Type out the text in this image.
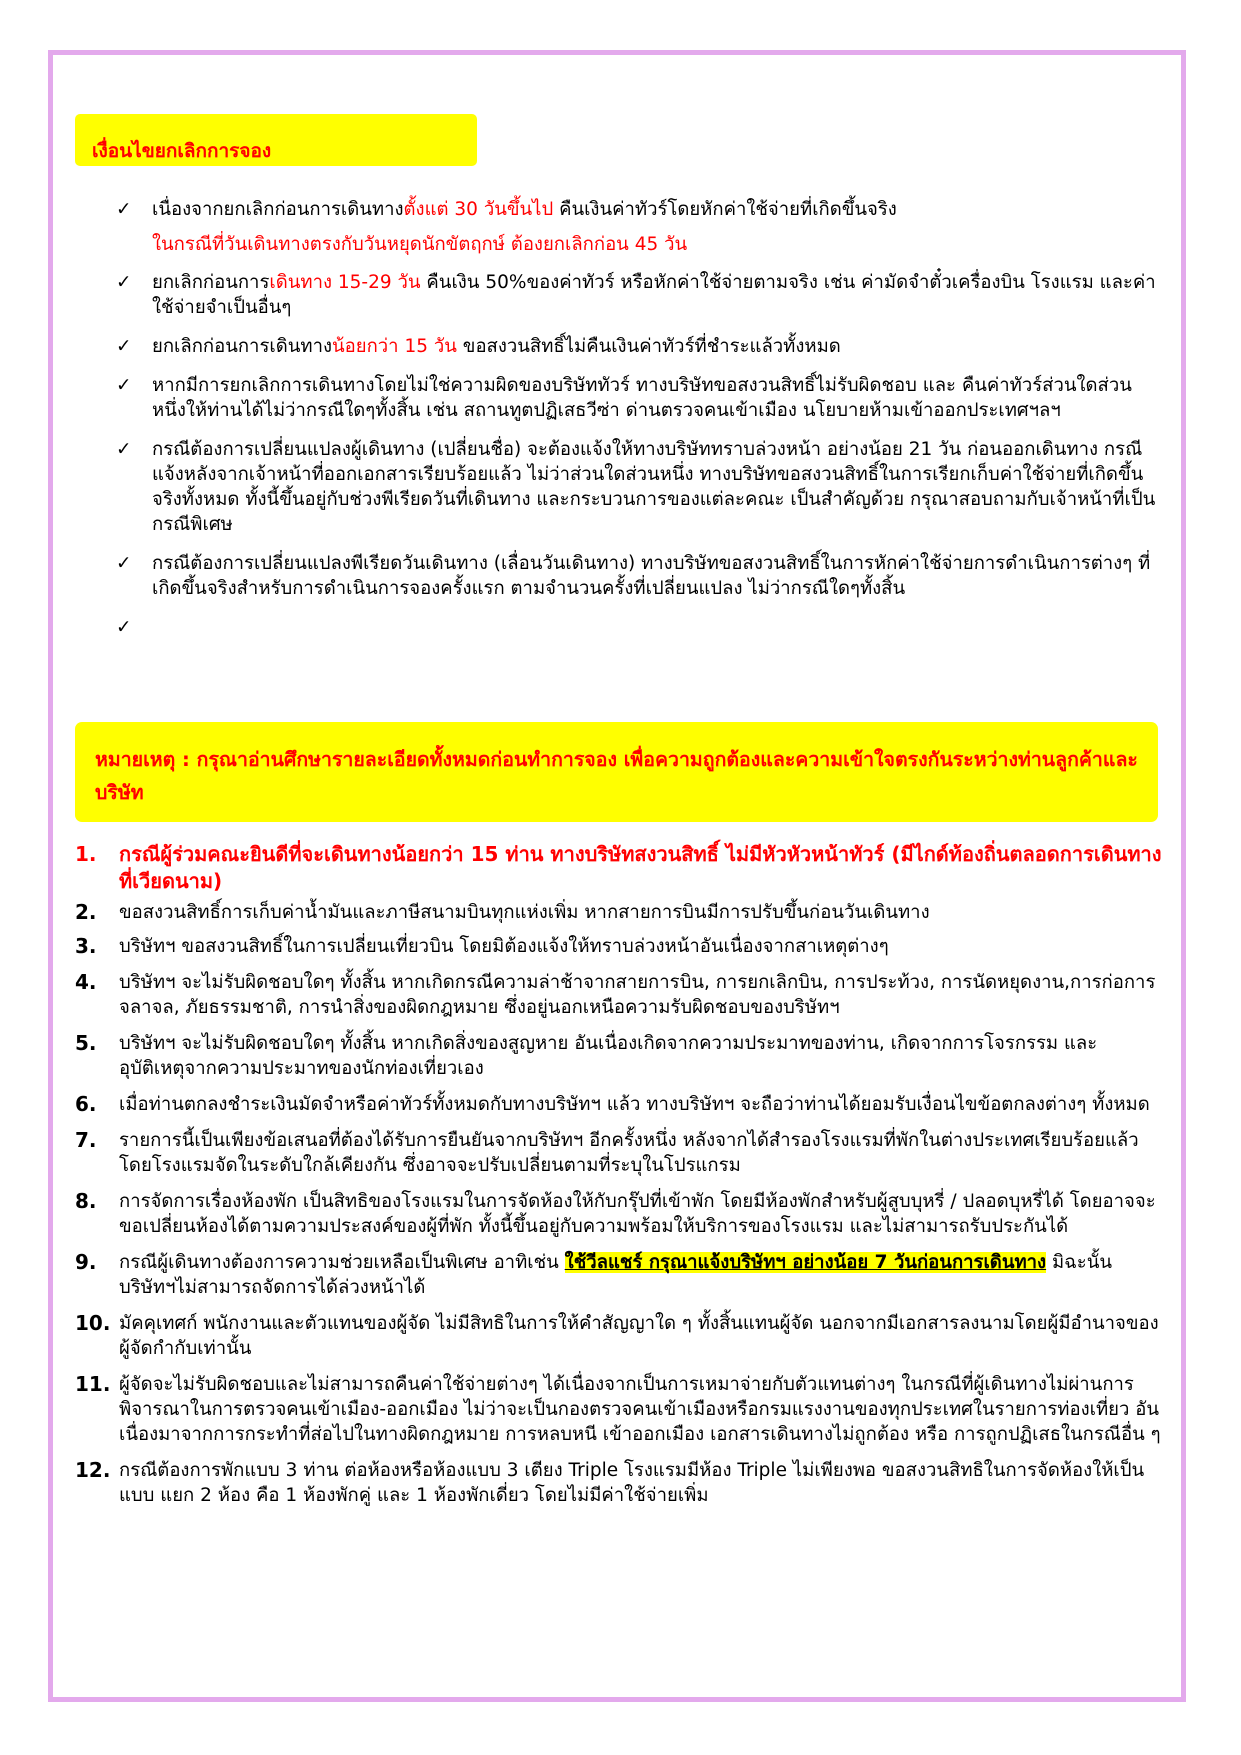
เงื่อนไขยกเลิกการจอง
✓ เนื่องจากยกเลิกก่อนการเดินทางตั้งแต่ 30 วันขึ้นไป คืนเงินค่าทัวร์โดยหักค่าใช้จ่ายที่เกิดขึ้นจริง
ในกรณีที่วันเดินทางตรงกับวันหยุดนักขัตฤกษ์ ต้องยกเลิกก่อน 45 วัน
✓ ยกเลิกก่อนการเดินทาง 15-29 วัน คืนเงิน 50%ของค่าทัวร์ หรือหักค่าใช้จ่ายตามจริง เช่น ค่ามัดจำตั๋วเครื่องบิน โรงแรม และค่าใช้จ่ายจำเป็นอื่นๆ
✓ ยกเลิกก่อนการเดินทางน้อยกว่า 15 วัน ขอสงวนสิทธิ์ไม่คืนเงินค่าทัวร์ที่ชำระแล้วทั้งหมด
✓ หากมีการยกเลิกการเดินทางโดยไม่ใช่ความผิดของบริษัททัวร์ ทางบริษัทขอสงวนสิทธิ์ไม่รับผิดชอบ และ คืนค่าทัวร์ส่วนใดส่วนหนึ่งให้ท่านได้ไม่ว่ากรณีใดๆทั้งสิ้น เช่น สถานทูตปฏิเสธวีซ่า ด่านตรวจคนเข้าเมือง นโยบายห้ามเข้าออกประเทศฯลฯ
✓ กรณีต้องการเปลี่ยนแปลงผู้เดินทาง (เปลี่ยนชื่อ) จะต้องแจ้งให้ทางบริษัททราบล่วงหน้า อย่างน้อย 21 วัน ก่อนออกเดินทาง กรณีแจ้งหลังจากเจ้าหน้าที่ออกเอกสารเรียบร้อยแล้ว ไม่ว่าส่วนใดส่วนหนึ่ง ทางบริษัทขอสงวนสิทธิ์ในการเรียกเก็บค่าใช้จ่ายที่เกิดขึ้นจริงทั้งหมด ทั้งนี้ขึ้นอยู่กับช่วงพีเรียดวันที่เดินทาง และกระบวนการของแต่ละคณะ เป็นสำคัญด้วย กรุณาสอบถามกับเจ้าหน้าที่เป็นกรณีพิเศษ
✓ กรณีต้องการเปลี่ยนแปลงพีเรียดวันเดินทาง (เลื่อนวันเดินทาง) ทางบริษัทขอสงวนสิทธิ์ในการหักค่าใช้จ่ายการดำเนินการต่างๆ ที่เกิดขึ้นจริงสำหรับการดำเนินการจองครั้งแรก ตามจำนวนครั้งที่เปลี่ยนแปลง ไม่ว่ากรณีใดๆทั้งสิ้น
✓

หมายเหตุ : กรุณาอ่านศึกษารายละเอียดทั้งหมดก่อนทำการจอง เพื่อความถูกต้องและความเข้าใจตรงกันระหว่างท่านลูกค้าและบริษัท
1. กรณีผู้ร่วมคณะยินดีที่จะเดินทางน้อยกว่า 15 ท่าน ทางบริษัทสงวนสิทธิ์ ไม่มีหัวหัวหน้าทัวร์ (มีไกด์ท้องถิ่นตลอดการเดินทางที่เวียดนาม)
2. ขอสงวนสิทธิ์การเก็บค่าน้ำมันและภาษีสนามบินทุกแห่งเพิ่ม หากสายการบินมีการปรับขึ้นก่อนวันเดินทาง
3. บริษัทฯ ขอสงวนสิทธิ์ในการเปลี่ยนเที่ยวบิน โดยมิต้องแจ้งให้ทราบล่วงหน้าอันเนื่องจากสาเหตุต่างๆ
4. บริษัทฯ จะไม่รับผิดชอบใดๆ ทั้งสิ้น หากเกิดกรณีความล่าช้าจากสายการบิน, การยกเลิกบิน, การประท้วง, การนัดหยุดงาน,การก่อการจลาจล, ภัยธรรมชาติ, การนำสิ่งของผิดกฎหมาย ซึ่งอยู่นอกเหนือความรับผิดชอบของบริษัทฯ
5. บริษัทฯ จะไม่รับผิดชอบใดๆ ทั้งสิ้น หากเกิดสิ่งของสูญหาย อันเนื่องเกิดจากความประมาทของท่าน, เกิดจากการโจรกรรม และ อุบัติเหตุจากความประมาทของนักท่องเที่ยวเอง
6. เมื่อท่านตกลงชำระเงินมัดจำหรือค่าทัวร์ทั้งหมดกับทางบริษัทฯ แล้ว ทางบริษัทฯ จะถือว่าท่านได้ยอมรับเงื่อนไขข้อตกลงต่างๆ ทั้งหมด
7. รายการนี้เป็นเพียงข้อเสนอที่ต้องได้รับการยืนยันจากบริษัทฯ อีกครั้งหนึ่ง หลังจากได้สำรองโรงแรมที่พักในต่างประเทศเรียบร้อยแล้ว โดยโรงแรมจัดในระดับใกล้เคียงกัน ซึ่งอาจจะปรับเปลี่ยนตามที่ระบุในโปรแกรม
8. การจัดการเรื่องห้องพัก เป็นสิทธิของโรงแรมในการจัดห้องให้กับกรุ๊ปที่เข้าพัก โดยมีห้องพักสำหรับผู้สูบบุหรี่ / ปลอดบุหรี่ได้ โดยอาจจะขอเปลี่ยนห้องได้ตามความประสงค์ของผู้ที่พัก ทั้งนี้ขึ้นอยู่กับความพร้อมให้บริการของโรงแรม และไม่สามารถรับประกันได้
9. กรณีผู้เดินทางต้องการความช่วยเหลือเป็นพิเศษ อาทิเช่น ใช้วีลแชร์ กรุณาแจ้งบริษัทฯ อย่างน้อย 7 วันก่อนการเดินทาง มิฉะนั้นบริษัทฯไม่สามารถจัดการได้ล่วงหน้าได้
10. มัคคุเทศก์ พนักงานและตัวแทนของผู้จัด ไม่มีสิทธิในการให้คำสัญญาใด ๆ ทั้งสิ้นแทนผู้จัด นอกจากมีเอกสารลงนามโดยผู้มีอำนาจของผู้จัดกำกับเท่านั้น
11. ผู้จัดจะไม่รับผิดชอบและไม่สามารถคืนค่าใช้จ่ายต่างๆ ได้เนื่องจากเป็นการเหมาจ่ายกับตัวแทนต่างๆ ในกรณีที่ผู้เดินทางไม่ผ่านการพิจารณาในการตรวจคนเข้าเมือง-ออกเมือง ไม่ว่าจะเป็นกองตรวจคนเข้าเมืองหรือกรมแรงงานของทุกประเทศในรายการท่องเที่ยว อันเนื่องมาจากการกระทำที่ส่อไปในทางผิดกฎหมาย การหลบหนี เข้าออกเมือง เอกสารเดินทางไม่ถูกต้อง หรือ การถูกปฏิเสธในกรณีอื่น ๆ
12. กรณีต้องการพักแบบ 3 ท่าน ต่อห้องหรือห้องแบบ 3 เตียง Triple โรงแรมมีห้อง Triple ไม่เพียงพอ ขอสงวนสิทธิในการจัดห้องให้เป็นแบบ แยก 2 ห้อง คือ 1 ห้องพักคู่ และ 1 ห้องพักเดี่ยว โดยไม่มีค่าใช้จ่ายเพิ่ม
